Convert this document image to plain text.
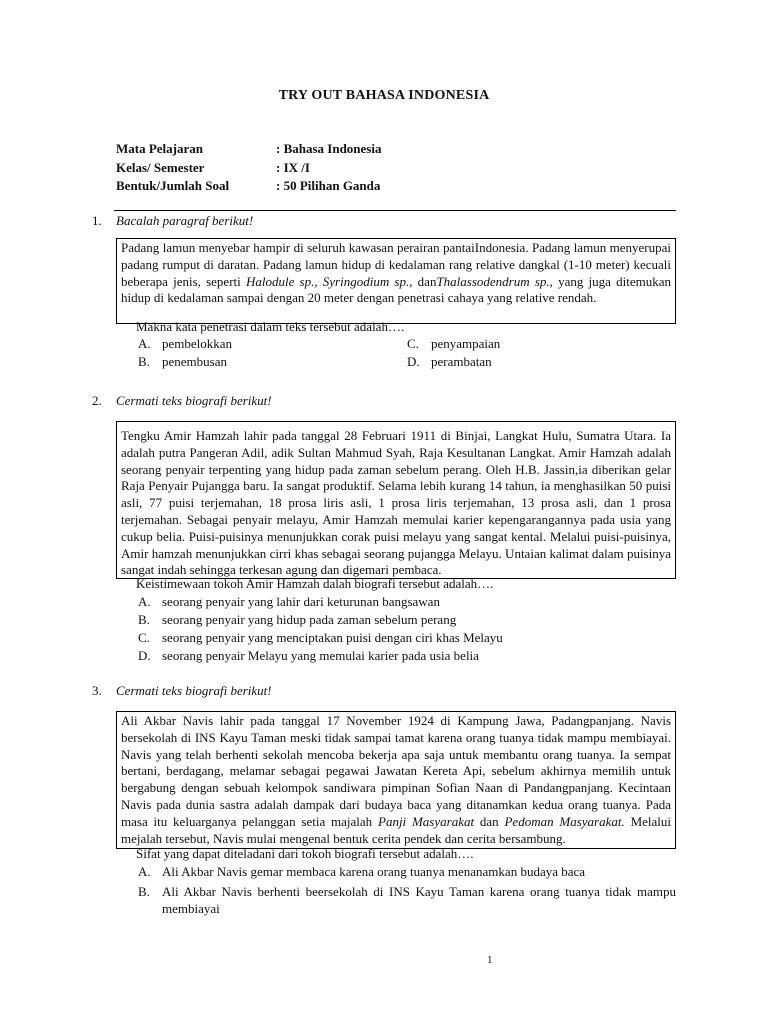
TRY OUT BAHASA INDONESIA
Mata Pelajaran	: Bahasa Indonesia
Kelas/ Semester	: IX /I
Bentuk/Jumlah Soal	: 50 Pilihan Ganda
1.	Bacalah paragraf berikut!
Padang lamun menyebar hampir di seluruh kawasan perairan pantaiIndonesia. Padang lamun menyerupai padang rumput di daratan. Padang lamun hidup di kedalaman rang relative dangkal (1-10 meter) kecuali beberapa jenis, seperti Halodule sp., Syringodium sp., danThalassodendrum sp., yang juga ditemukan hidup di kedalaman sampai dengan 20 meter dengan penetrasi cahaya yang relative rendah.
Makna kata penetrasi dalam teks tersebut adalah….
A. pembelokkan	C. penyampaian
B. penembusan	D. perambatan
2.	Cermati teks biografi berikut!
Tengku Amir Hamzah lahir pada tanggal 28 Februari 1911 di Binjai, Langkat Hulu, Sumatra Utara. Ia adalah putra Pangeran Adil, adik Sultan Mahmud Syah, Raja Kesultanan Langkat. Amir Hamzah adalah seorang penyair terpenting yang hidup pada zaman sebelum perang. Oleh H.B. Jassin,ia diberikan gelar Raja Penyair Pujangga baru. Ia sangat produktif. Selama lebih kurang 14 tahun, ia menghasilkan 50 puisi asli, 77 puisi terjemahan, 18 prosa liris asli, 1 prosa liris terjemahan, 13 prosa asli, dan 1 prosa terjemahan. Sebagai penyair melayu, Amir Hamzah memulai karier kepengarangannya pada usia yang cukup belia. Puisi-puisinya menunjukkan corak puisi melayu yang sangat kental. Melalui puisi-puisinya, Amir hamzah menunjukkan cirri khas sebagai seorang pujangga Melayu. Untaian kalimat dalam puisinya sangat indah sehingga terkesan agung dan digemari pembaca.
Keistimewaan tokoh Amir Hamzah dalah biografi tersebut adalah….
A. seorang penyair yang lahir dari keturunan bangsawan
B. seorang penyair yang hidup pada zaman sebelum perang
C. seorang penyair yang menciptakan puisi dengan ciri khas Melayu
D. seorang penyair Melayu yang memulai karier pada usia belia
3.	Cermati teks biografi berikut!
Ali Akbar Navis lahir pada tanggal 17 November 1924 di Kampung Jawa, Padangpanjang. Navis bersekolah di INS Kayu Taman meski tidak sampai tamat karena orang tuanya tidak mampu membiayai. Navis yang telah berhenti sekolah mencoba bekerja apa saja untuk membantu orang tuanya. Ia sempat bertani, berdagang, melamar sebagai pegawai Jawatan Kereta Api, sebelum akhirnya memilih untuk bergabung dengan sebuah kelompok sandiwara pimpinan Sofian Naan di Pandangpanjang. Kecintaan Navis pada dunia sastra adalah dampak dari budaya baca yang ditanamkan kedua orang tuanya. Pada masa itu keluarganya pelanggan setia majalah Panji Masyarakat dan Pedoman Masyarakat. Melalui mejalah tersebut, Navis mulai mengenal bentuk cerita pendek dan cerita bersambung.
Sifat yang dapat diteladani dari tokoh biografi tersebut adalah….
A. Ali Akbar Navis gemar membaca karena orang tuanya menanamkan budaya baca
B. Ali Akbar Navis berhenti beersekolah di INS Kayu Taman karena orang tuanya tidak mampu membiayai
1
